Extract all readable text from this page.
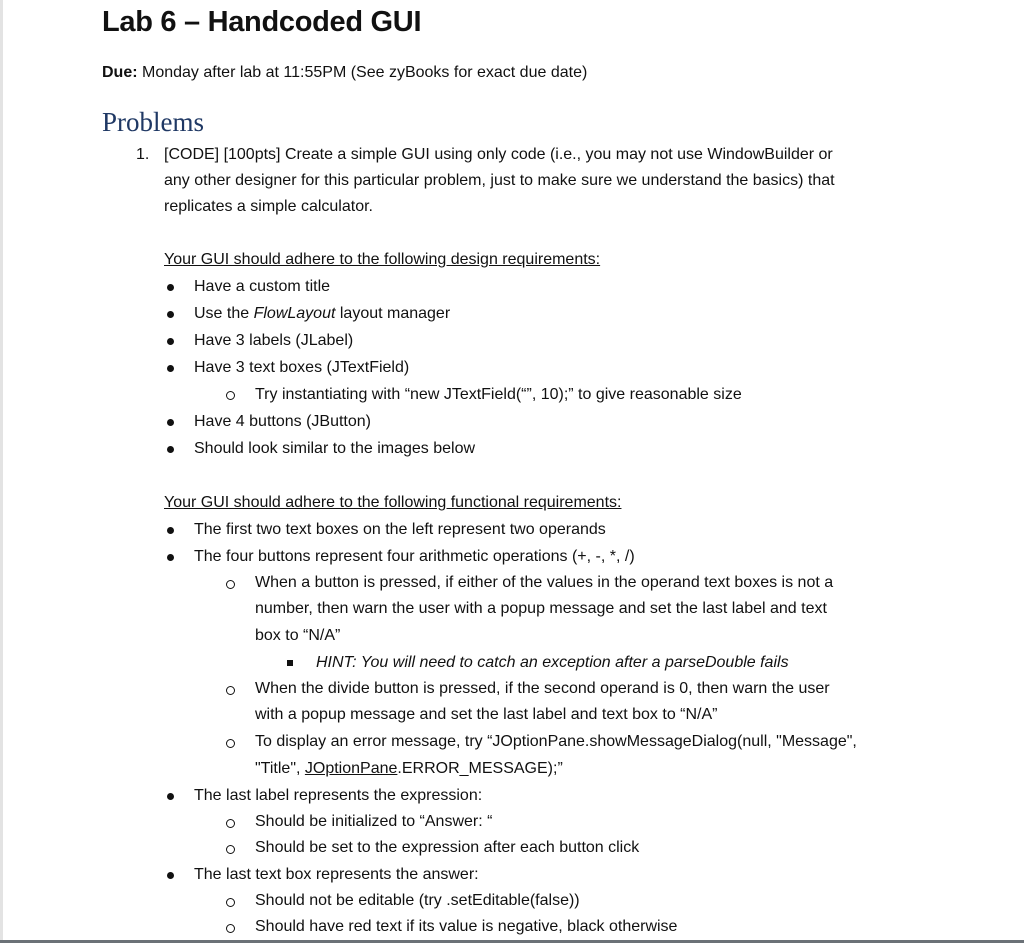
Lab 6 – Handcoded GUI
Due: Monday after lab at 11:55PM (See zyBooks for exact due date)
Problems
1. [CODE] [100pts] Create a simple GUI using only code (i.e., you may not use WindowBuilder or
any other designer for this particular problem, just to make sure we understand the basics) that
replicates a simple calculator.
Your GUI should adhere to the following design requirements:
Have a custom title
Use the FlowLayout layout manager
Have 3 labels (JLabel)
Have 3 text boxes (JTextField)
Try instantiating with “new JTextField(“”, 10);” to give reasonable size
Have 4 buttons (JButton)
Should look similar to the images below
Your GUI should adhere to the following functional requirements:
The first two text boxes on the left represent two operands
The four buttons represent four arithmetic operations (+, -, *, /)
When a button is pressed, if either of the values in the operand text boxes is not a
number, then warn the user with a popup message and set the last label and text
box to “N/A”
HINT: You will need to catch an exception after a parseDouble fails
When the divide button is pressed, if the second operand is 0, then warn the user
with a popup message and set the last label and text box to “N/A”
To display an error message, try “JOptionPane.showMessageDialog(null, "Message",
"Title", JOptionPane.ERROR_MESSAGE);”
The last label represents the expression:
Should be initialized to “Answer: “
Should be set to the expression after each button click
The last text box represents the answer:
Should not be editable (try .setEditable(false))
Should have red text if its value is negative, black otherwise
